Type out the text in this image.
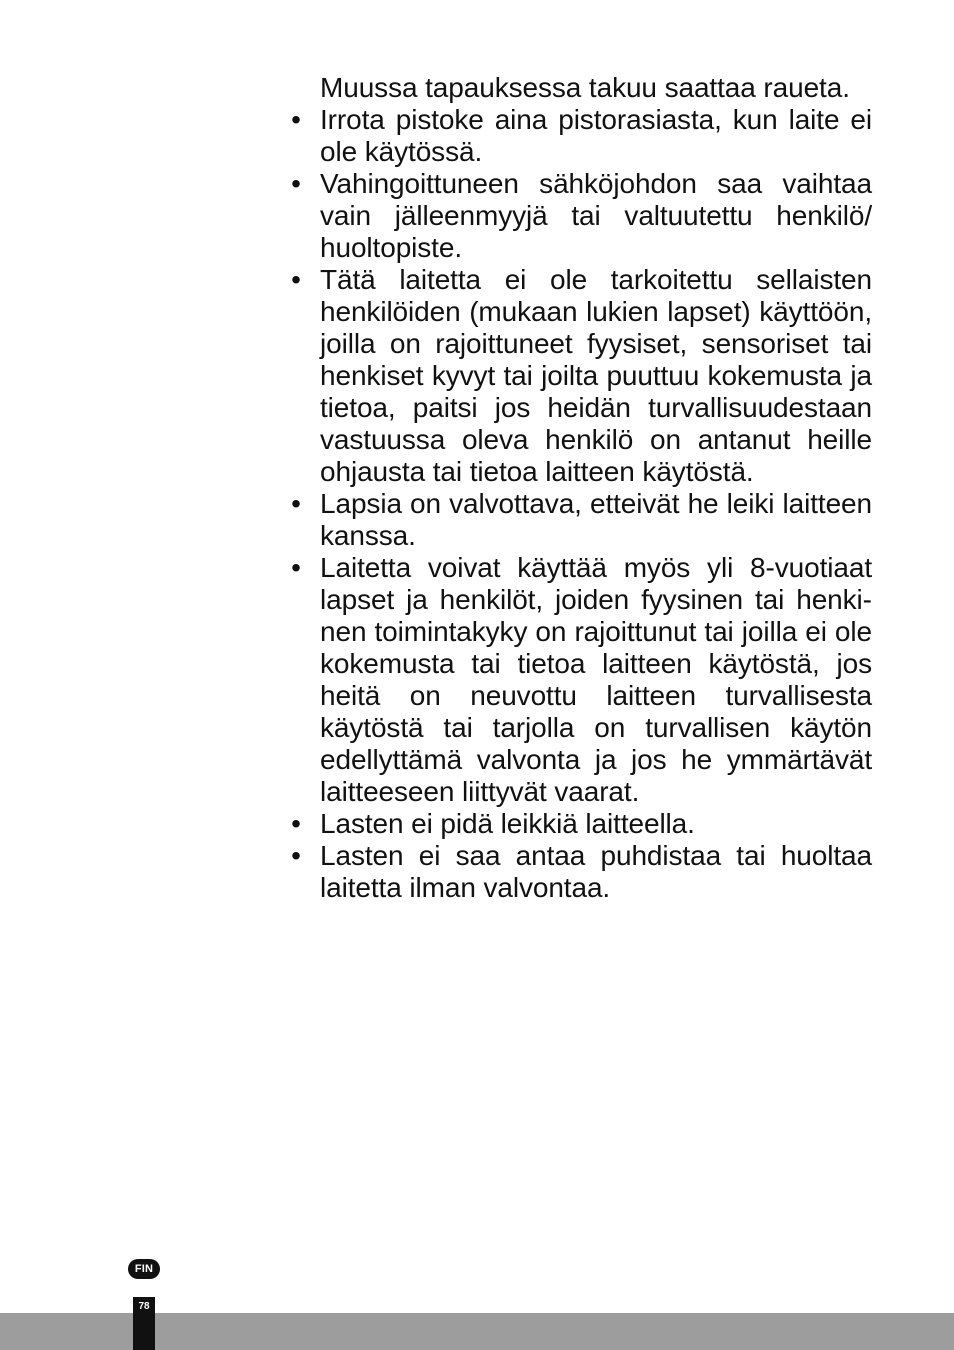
Muussa tapauksessa takuu saattaa raueta.

• Irrota pistoke aina pistorasiasta, kun laite ei ole käytössä.
• Vahingoittuneen sähköjohdon saa vaihtaa vain jälleenmyyjä tai valtuutettu henkilö/ huoltopiste.
• Tätä laitetta ei ole tarkoitettu sellaisten henkilöiden (mukaan lukien lapset) käyttöön, joilla on rajoittuneet fyysiset, sensoriset tai henkiset kyvyt tai joilta puuttuu kokemusta ja tietoa, paitsi jos heidän turvallisuudestaan vastuussa oleva henkilö on antanut heille ohjausta tai tietoa laitteen käytöstä.
• Lapsia on valvottava, etteivät he leiki laitteen kanssa.
• Laitetta voivat käyttää myös yli 8-vuotiaat lapset ja henkilöt, joiden fyysinen tai henkinen toimintakyky on rajoittunut tai joilla ei ole kokemusta tai tietoa laitteen käytöstä, jos heitä on neuvottu laitteen turvallisesta käytöstä tai tarjolla on turvallisen käytön edellyttämä valvonta ja jos he ymmärtävät laitteeseen liittyvät vaarat.
• Lasten ei pidä leikkiä laitteella.
• Lasten ei saa antaa puhdistaa tai huoltaa laitetta ilman valvontaa.
FIN
78
